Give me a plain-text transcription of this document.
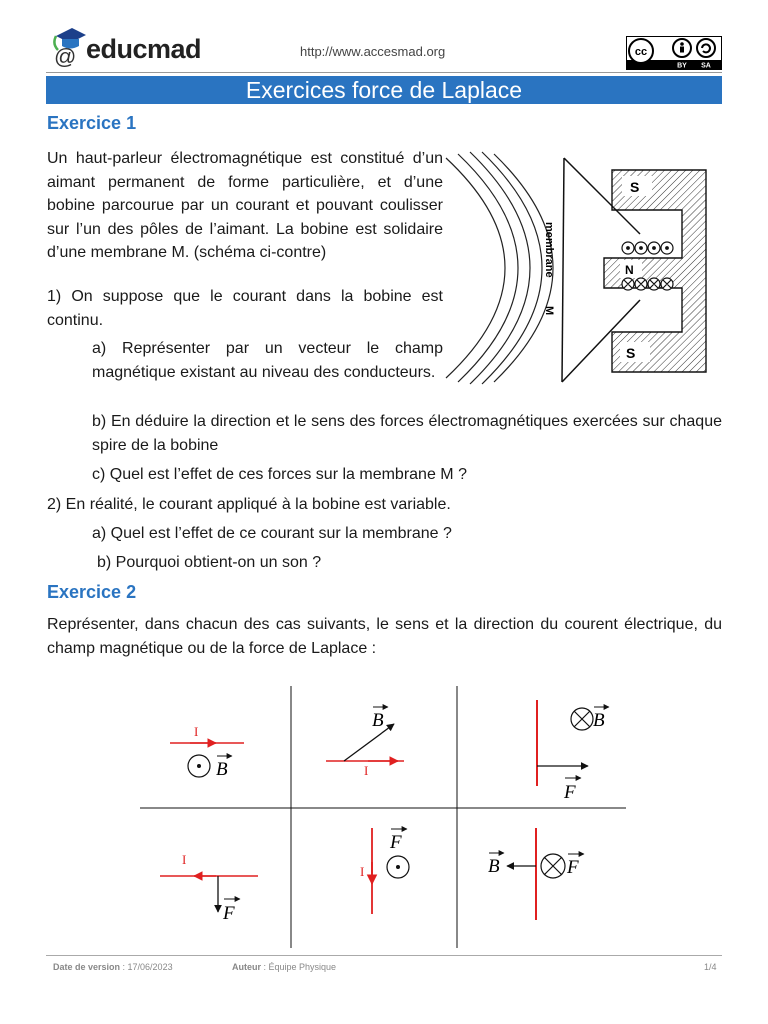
@ educmad	http://www.accesmad.org	cc
BY SA
Exercices force de Laplace
Exercice 1

Un haut-parleur électromagnétique est constitué d’un aimant permanent de forme particulière, et d’une bobine parcourue par un courant et pouvant coulisser sur l’un des pôles de l’aimant. La bobine est solidaire d’une membrane M. (schéma ci-contre)

1) On suppose que le courant dans la bobine est continu.

a) Représenter par un vecteur le champ magnétique existant au niveau des conducteurs.

b) En déduire la direction et le sens des forces électromagnétiques exercées sur chaque spire de la bobine

c) Quel est l’effet de ces forces sur la membrane M ?

2) En réalité, le courant appliqué à la bobine est variable.

a) Quel est l’effet de ce courant sur la membrane ?

b) Pourquoi obtient-on un son ?

membrane
M
S
N
S
Exercice 2

Représenter, dans chacun des cas suivants, le sens et la direction du courent électrique, du champ magnétique ou de la force de Laplace :

I
B	I
B	B
F
I
F
I
F
B	F
Date de version : 17/06/2023	Auteur : Équipe Physique	1/4
